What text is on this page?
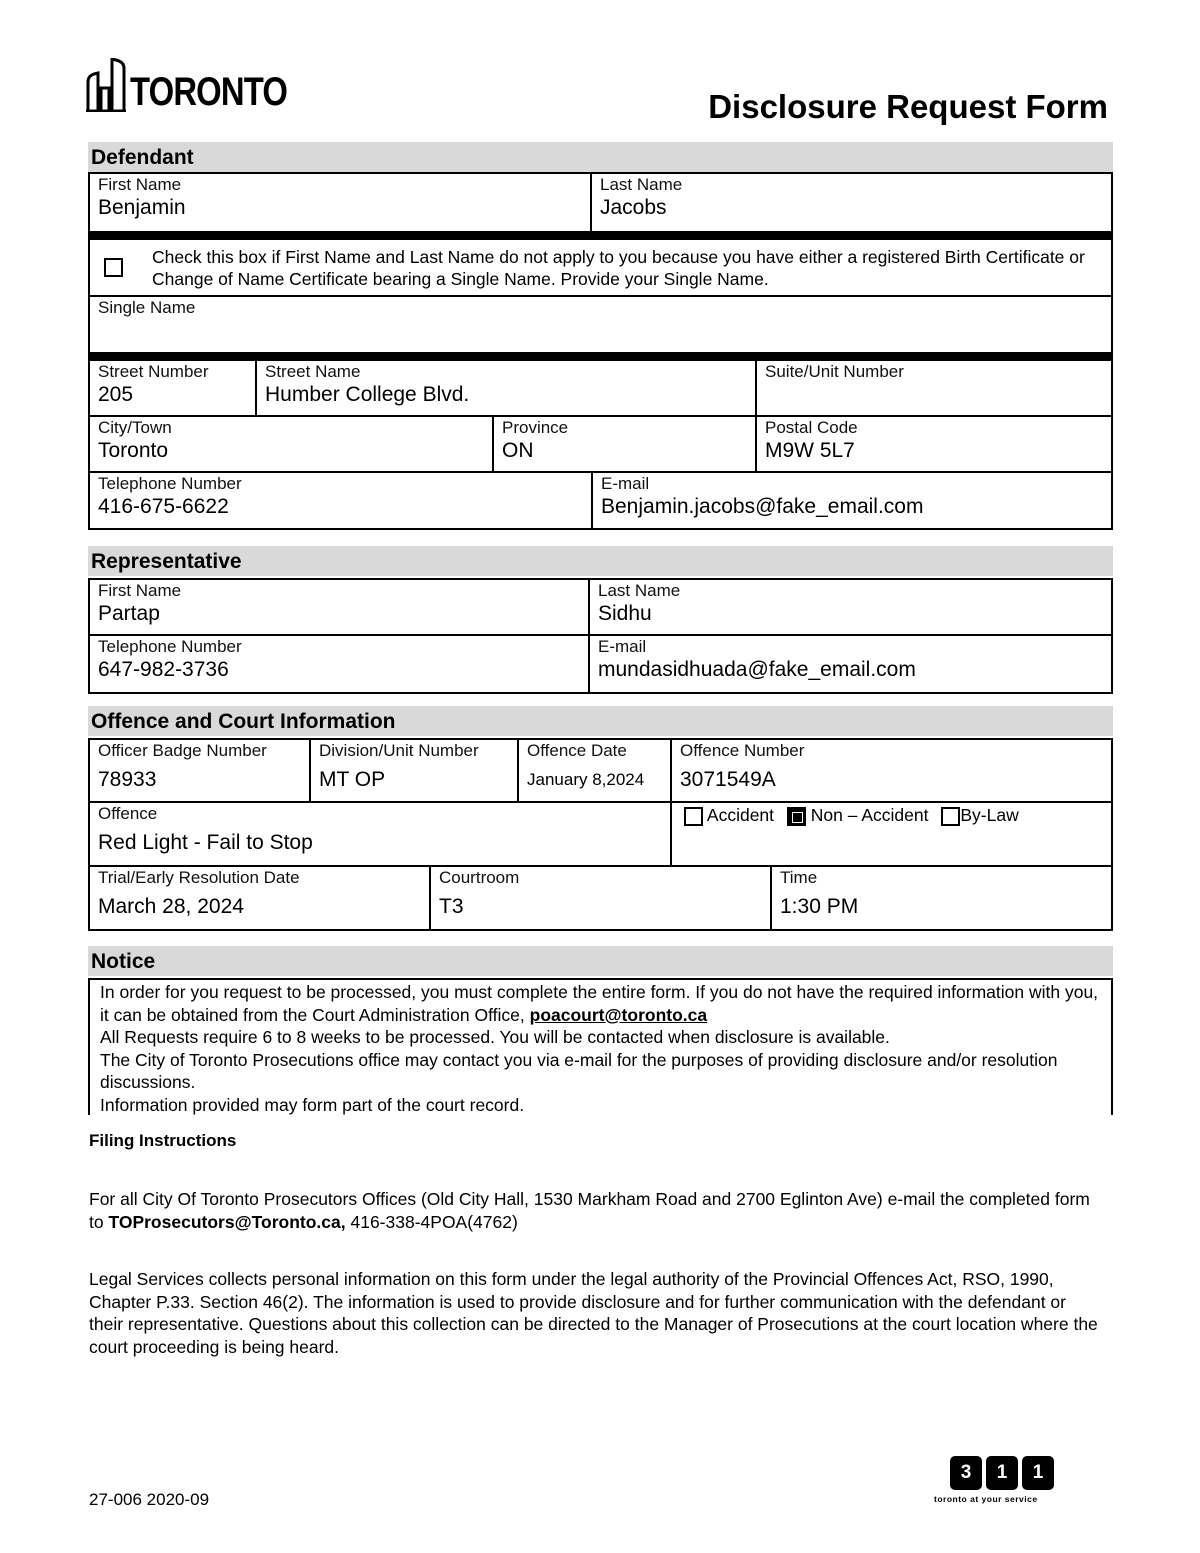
TORONTO	Disclosure Request Form
Defendant
First Name
Benjamin
Last Name
Jacobs
Check this box if First Name and Last Name do not apply to you because you have either a registered Birth Certificate or Change of Name Certificate bearing a Single Name. Provide your Single Name.
Single Name
Street Number
205
Street Name
Humber College Blvd.
Suite/Unit Number
City/Town
Toronto
Province
ON
Postal Code
M9W 5L7
Telephone Number
416-675-6622
E-mail
Benjamin.jacobs@fake_email.com
Representative
First Name
Partap
Last Name
Sidhu
Telephone Number
647-982-3736
E-mail
mundasidhuada@fake_email.com
Offence and Court Information
Officer Badge Number
78933
Division/Unit Number
MT OP
Offence Date
January 8,2024
Offence Number
3071549A
Offence
Red Light - Fail to Stop
Accident Non – Accident By-Law
Trial/Early Resolution Date
March 28, 2024
Courtroom
T3
Time
1:30 PM
Notice
In order for you request to be processed, you must complete the entire form. If you do not have the required information with you, it can be obtained from the Court Administration Office, poacourt@toronto.ca
All Requests require 6 to 8 weeks to be processed. You will be contacted when disclosure is available.
The City of Toronto Prosecutions office may contact you via e-mail for the purposes of providing disclosure and/or resolution discussions.
Information provided may form part of the court record.
Filing Instructions
For all City Of Toronto Prosecutors Offices (Old City Hall, 1530 Markham Road and 2700 Eglinton Ave) e-mail the completed form to TOProsecutors@Toronto.ca, 416-338-4POA(4762)
Legal Services collects personal information on this form under the legal authority of the Provincial Offences Act, RSO, 1990, Chapter P.33. Section 46(2). The information is used to provide disclosure and for further communication with the defendant or their representative. Questions about this collection can be directed to the Manager of Prosecutions at the court location where the court proceeding is being heard.
27-006 2020-09
3	1	1
toronto at your service
